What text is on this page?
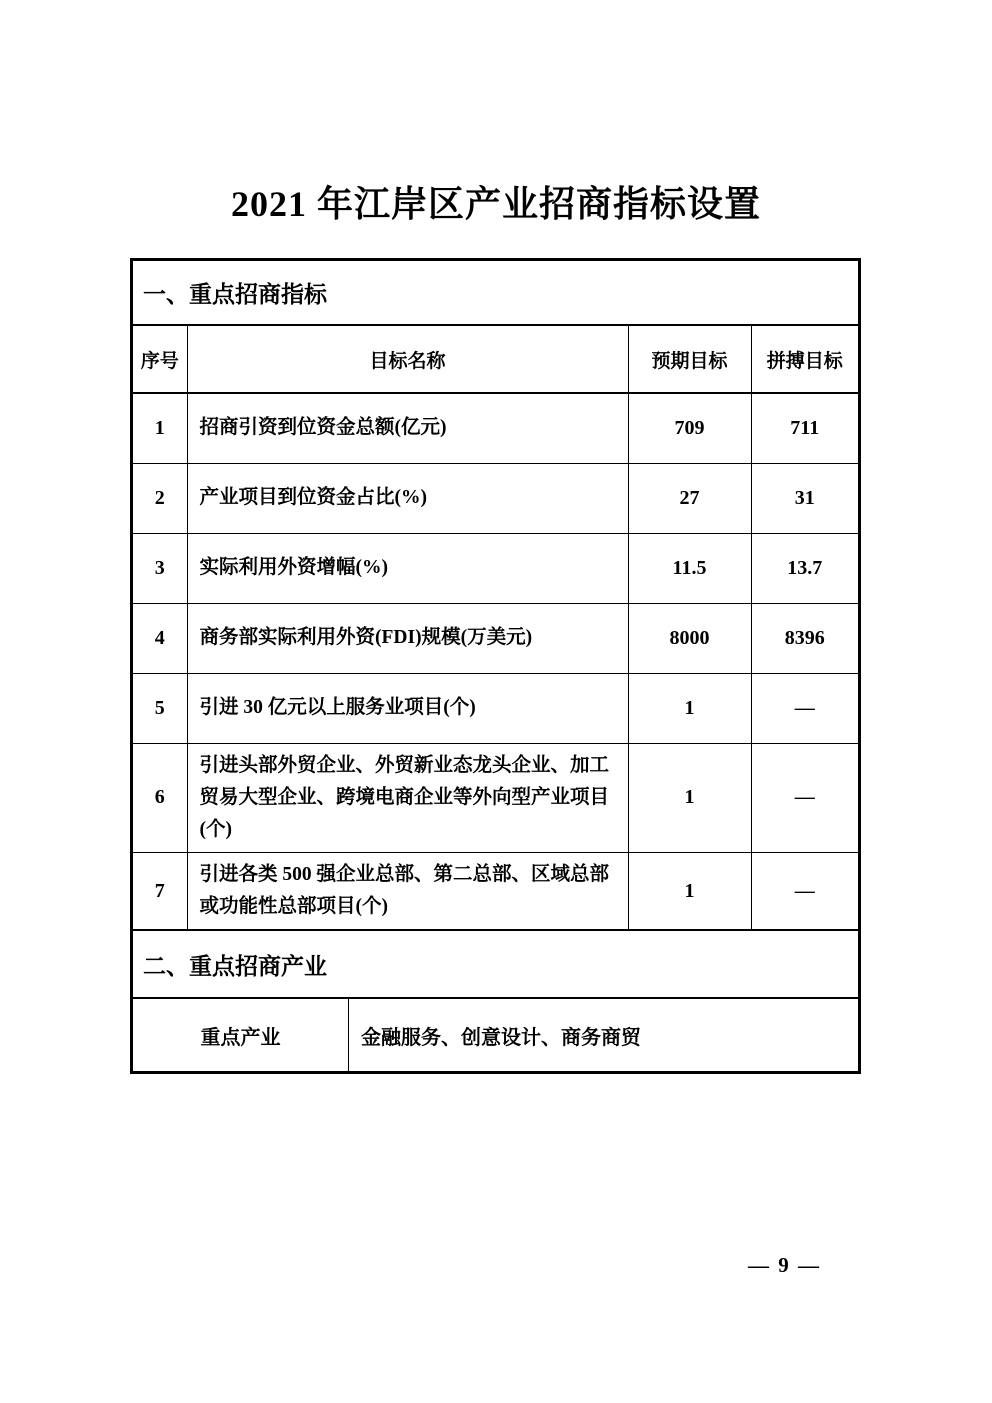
2021 年江岸区产业招商指标设置
一、重点招商指标
序号	目标名称	预期目标	拼搏目标
1	招商引资到位资金总额(亿元)	709	711
2	产业项目到位资金占比(%)	27	31
3	实际利用外资增幅(%)	11.5	13.7
4	商务部实际利用外资(FDI)规模(万美元)	8000	8396
5	引进 30 亿元以上服务业项目(个)	1	—
6	引进头部外贸企业、外贸新业态龙头企业、加工贸易大型企业、跨境电商企业等外向型产业项目(个)	1	—
7	引进各类 500 强企业总部、第二总部、区域总部或功能性总部项目(个)	1	—
二、重点招商产业
重点产业	金融服务、创意设计、商务商贸
— 9 —
